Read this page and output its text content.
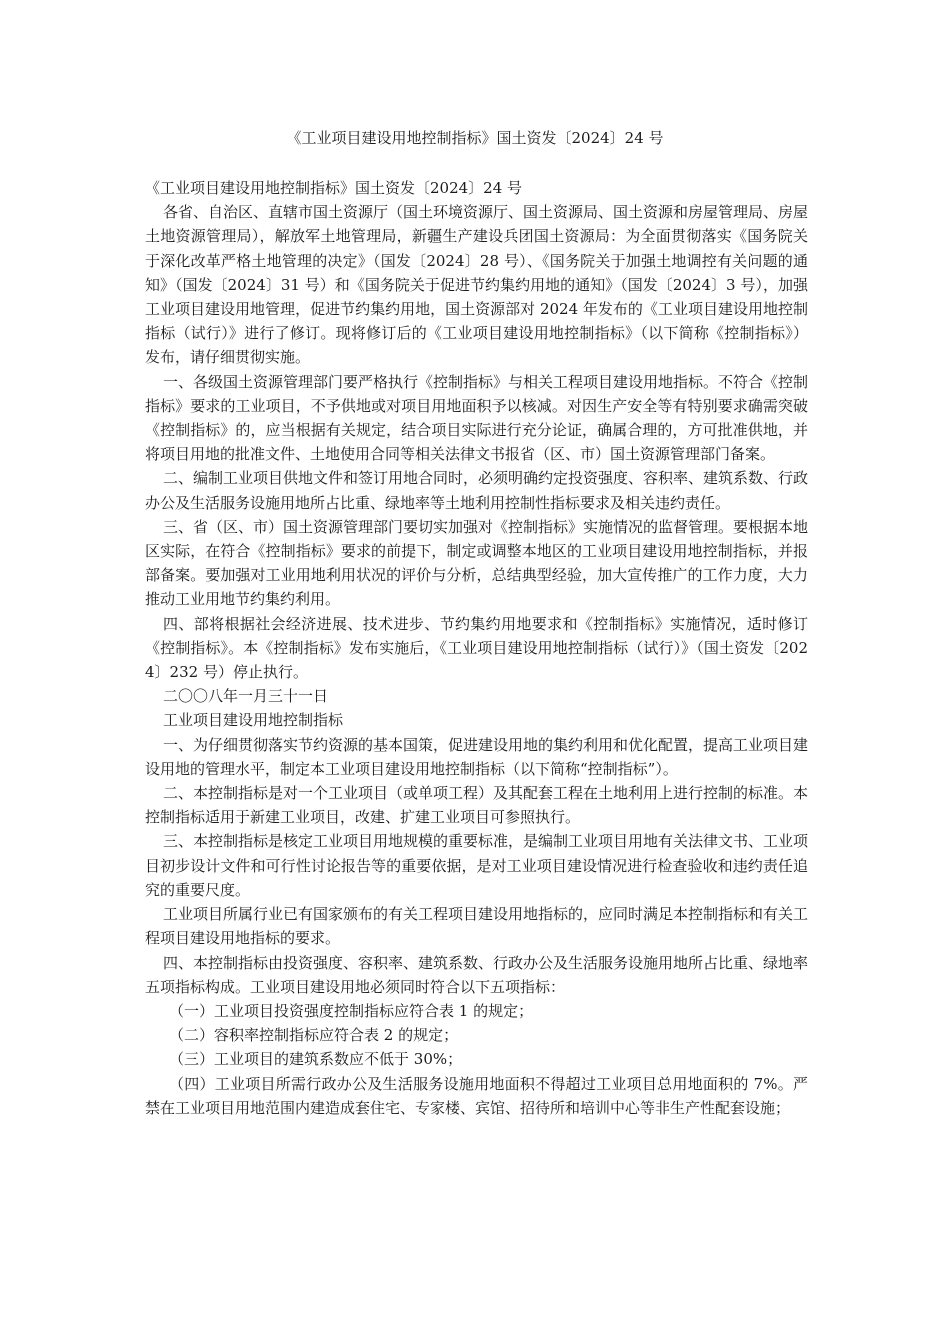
《工业项目建设用地控制指标》国土资发〔2024〕24 号

《工业项目建设用地控制指标》国土资发〔2024〕24 号

各省、自治区、直辖市国土资源厅（国土环境资源厅、国土资源局、国土资源和房屋管理局、房屋土地资源管理局），解放军土地管理局，新疆生产建设兵团国土资源局：为全面贯彻落实《国务院关于深化改革严格土地管理的决定》（国发〔2024〕28 号）、《国务院关于加强土地调控有关问题的通知》（国发〔2024〕31 号）和《国务院关于促进节约集约用地的通知》（国发〔2024〕3 号），加强工业项目建设用地管理，促进节约集约用地，国土资源部对 2024 年发布的《工业项目建设用地控制指标（试行）》进行了修订。现将修订后的《工业项目建设用地控制指标》（以下简称《控制指标》）发布，请仔细贯彻实施。

一、各级国土资源管理部门要严格执行《控制指标》与相关工程项目建设用地指标。不符合《控制指标》要求的工业项目，不予供地或对项目用地面积予以核减。对因生产安全等有特别要求确需突破《控制指标》的，应当根据有关规定，结合项目实际进行充分论证，确属合理的，方可批准供地，并将项目用地的批准文件、土地使用合同等相关法律文书报省（区、市）国土资源管理部门备案。

二、编制工业项目供地文件和签订用地合同时，必须明确约定投资强度、容积率、建筑系数、行政办公及生活服务设施用地所占比重、绿地率等土地利用控制性指标要求及相关违约责任。

三、省（区、市）国土资源管理部门要切实加强对《控制指标》实施情况的监督管理。要根据本地区实际，在符合《控制指标》要求的前提下，制定或调整本地区的工业项目建设用地控制指标，并报部备案。要加强对工业用地利用状况的评价与分析，总结典型经验，加大宣传推广的工作力度，大力推动工业用地节约集约利用。

四、部将根据社会经济进展、技术进步、节约集约用地要求和《控制指标》实施情况，适时修订《控制指标》。本《控制指标》发布实施后，《工业项目建设用地控制指标（试行）》（国土资发〔2024〕232 号）停止执行。

二〇〇八年一月三十一日

工业项目建设用地控制指标

一、为仔细贯彻落实节约资源的基本国策，促进建设用地的集约利用和优化配置，提高工业项目建设用地的管理水平，制定本工业项目建设用地控制指标（以下简称“控制指标”）。

二、本控制指标是对一个工业项目（或单项工程）及其配套工程在土地利用上进行控制的标准。本控制指标适用于新建工业项目，改建、扩建工业项目可参照执行。

三、本控制指标是核定工业项目用地规模的重要标准，是编制工业项目用地有关法律文书、工业项目初步设计文件和可行性讨论报告等的重要依据，是对工业项目建设情况进行检查验收和违约责任追究的重要尺度。

工业项目所属行业已有国家颁布的有关工程项目建设用地指标的，应同时满足本控制指标和有关工程项目建设用地指标的要求。

四、本控制指标由投资强度、容积率、建筑系数、行政办公及生活服务设施用地所占比重、绿地率五项指标构成。工业项目建设用地必须同时符合以下五项指标：

（一）工业项目投资强度控制指标应符合表 1 的规定；

（二）容积率控制指标应符合表 2 的规定；

（三）工业项目的建筑系数应不低于 30%；

（四）工业项目所需行政办公及生活服务设施用地面积不得超过工业项目总用地面积的 7%。严禁在工业项目用地范围内建造成套住宅、专家楼、宾馆、招待所和培训中心等非生产性配套设施；
